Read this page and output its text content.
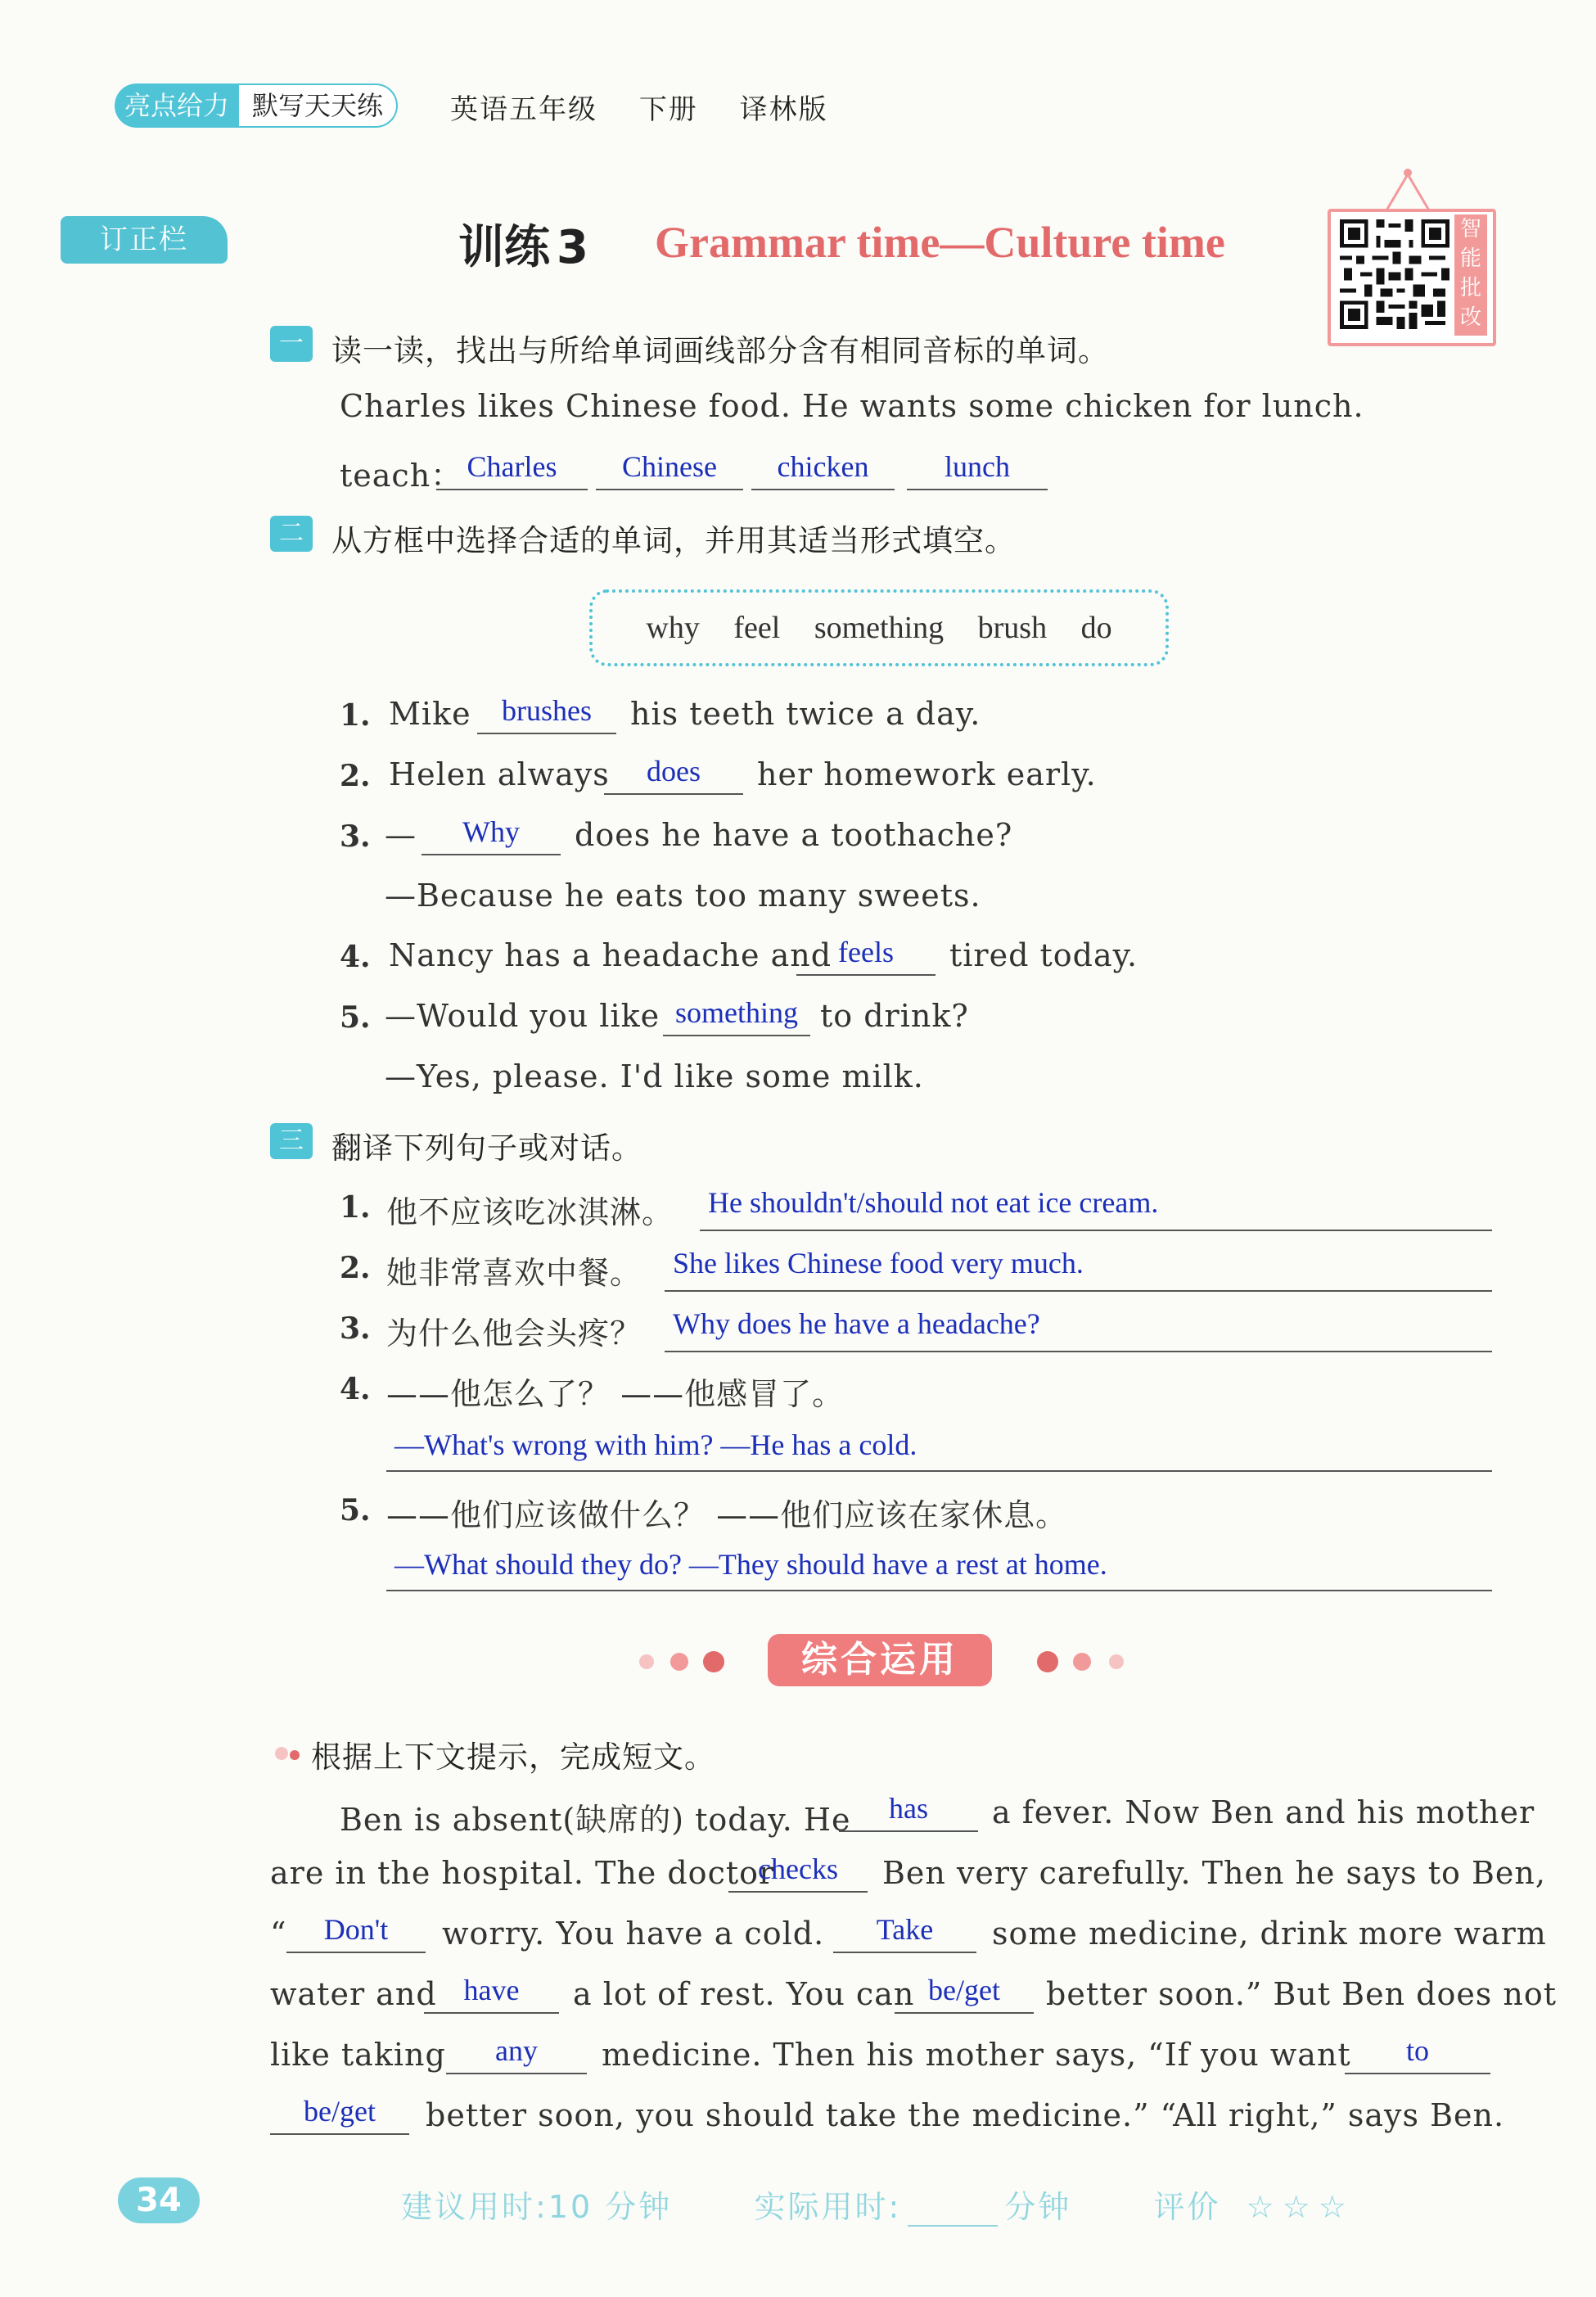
亮点给力 默写天天练	英语五年级 下册 译林版
订正栏	训练 3 Grammar time—Culture time	智能批改
一 读一读，找出与所给单词画线部分含有相同音标的单词。
Charles likes Chinese food. He wants some chicken for lunch.
teach： Charles	Chinese	chicken	lunch
二 从方框中选择合适的单词，并用其适当形式填空。
why feel something brush do
1. Mike	brushes	his teeth twice a day.
2. Helen always	does	her homework early.
3. —	Why	does he have a toothache?
—Because he eats too many sweets.
4. Nancy has a headache and feels	tired today.
5. —Would you like something to drink?
—Yes, please. I'd like some milk.
三 翻译下列句子或对话。
1. 他不应该吃冰淇淋。 He shouldn't/should not eat ice cream.
2. 她非常喜欢中餐。 She likes Chinese food very much.
3. 为什么他会头疼？ Why does he have a headache?
4. ——他怎么了？ ——他感冒了。
—What's wrong with him? —He has a cold.
5. ——他们应该做什么？ ——他们应该在家休息。
—What should they do? —They should have a rest at home.
综合运用
根据上下文提示，完成短文。
Ben is absent(缺席的) today. He	has	a fever. Now Ben and his mother
are in the hospital. The doctor
checks	Ben very carefully. Then he says to Ben,
“	Don't	worry. You have a cold.	Take	some medicine, drink more warm
water and have	a lot of rest. You can be/get	better soon.” But Ben does not
like taking	any	medicine. Then his mother says, “If you want	to
be/get	better soon, you should take the medicine.” “All right,” says Ben.
34	建议用时:10 分钟	实际用时:	分钟	评价 ☆☆☆
